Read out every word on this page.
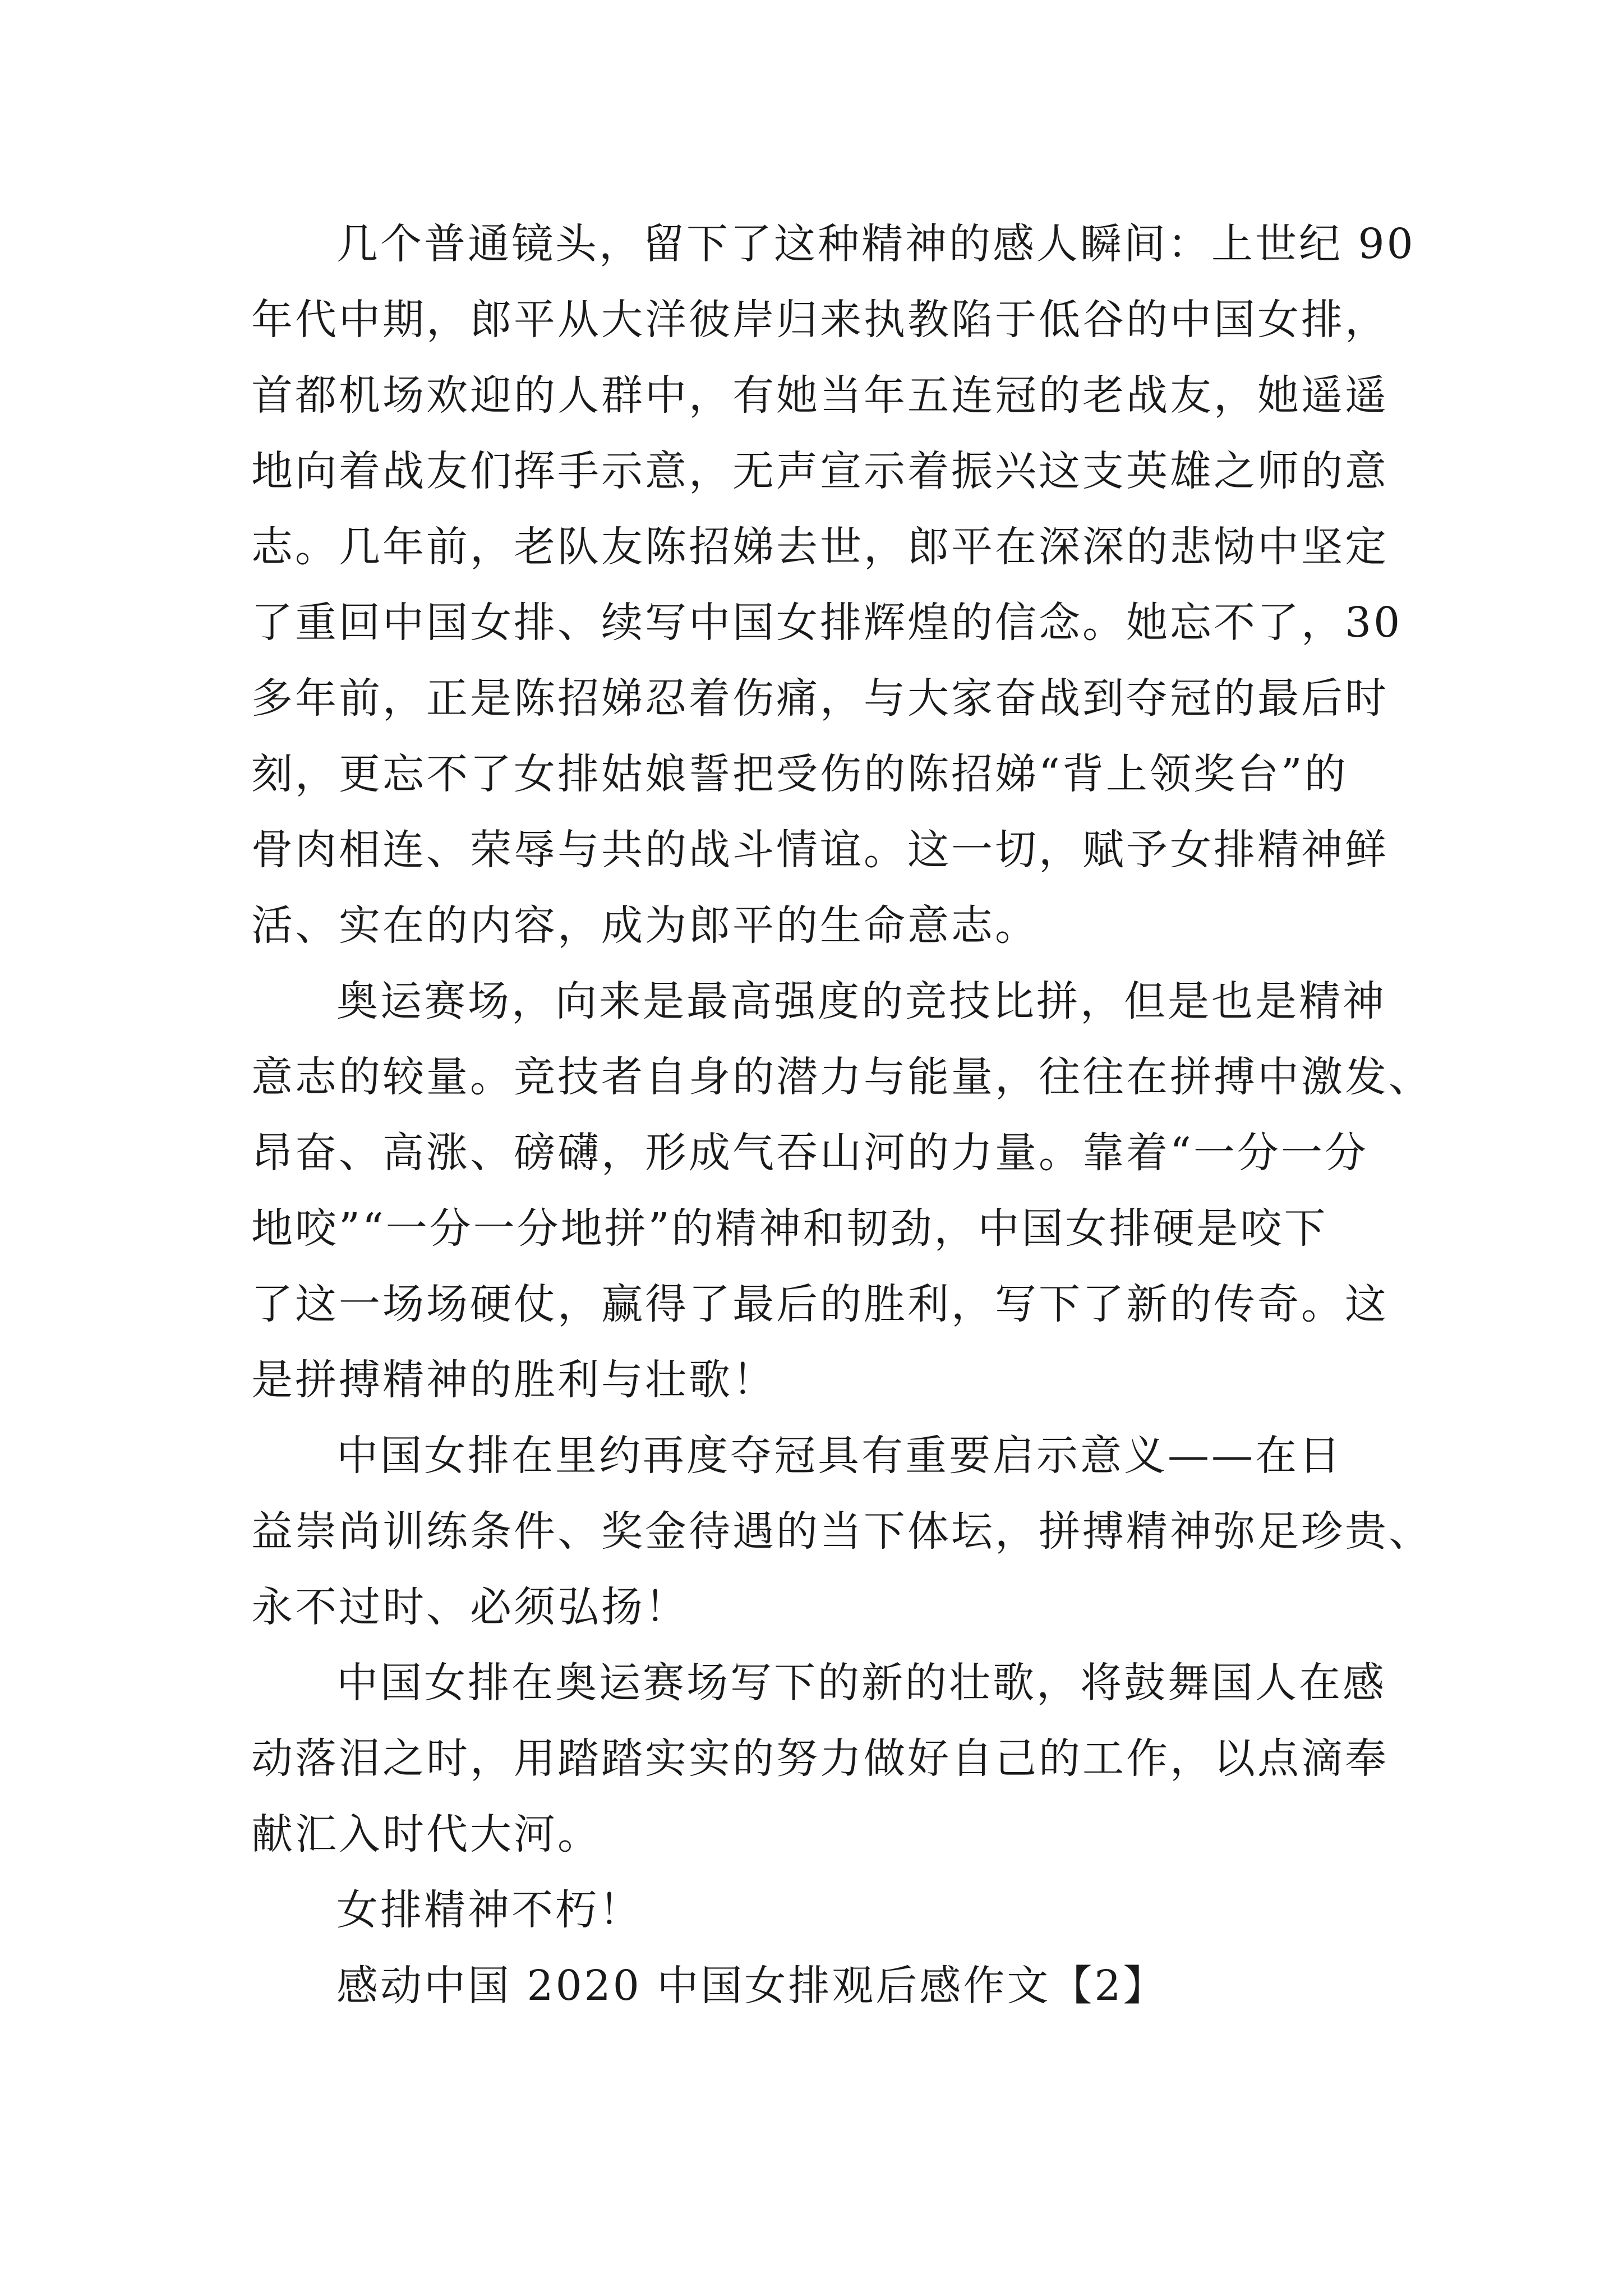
几个普通镜头，留下了这种精神的感人瞬间：上世纪 90
年代中期，郎平从大洋彼岸归来执教陷于低谷的中国女排，
首都机场欢迎的人群中，有她当年五连冠的老战友，她遥遥
地向着战友们挥手示意，无声宣示着振兴这支英雄之师的意
志。几年前，老队友陈招娣去世，郎平在深深的悲恸中坚定
了重回中国女排、续写中国女排辉煌的信念。她忘不了，30
多年前，正是陈招娣忍着伤痛，与大家奋战到夺冠的最后时
刻，更忘不了女排姑娘誓把受伤的陈招娣“背上领奖台”的
骨肉相连、荣辱与共的战斗情谊。这一切，赋予女排精神鲜
活、实在的内容，成为郎平的生命意志。
奥运赛场，向来是最高强度的竞技比拼，但是也是精神
意志的较量。竞技者自身的潜力与能量，往往在拼搏中激发、
昂奋、高涨、磅礴，形成气吞山河的力量。靠着“一分一分
地咬”“一分一分地拼”的精神和韧劲，中国女排硬是咬下
了这一场场硬仗，赢得了最后的胜利，写下了新的传奇。这
是拼搏精神的胜利与壮歌！
中国女排在里约再度夺冠具有重要启示意义——在日
益崇尚训练条件、奖金待遇的当下体坛，拼搏精神弥足珍贵、
永不过时、必须弘扬！
中国女排在奥运赛场写下的新的壮歌，将鼓舞国人在感
动落泪之时，用踏踏实实的努力做好自己的工作，以点滴奉
献汇入时代大河。
女排精神不朽！
感动中国 2020 中国女排观后感作文【2】
